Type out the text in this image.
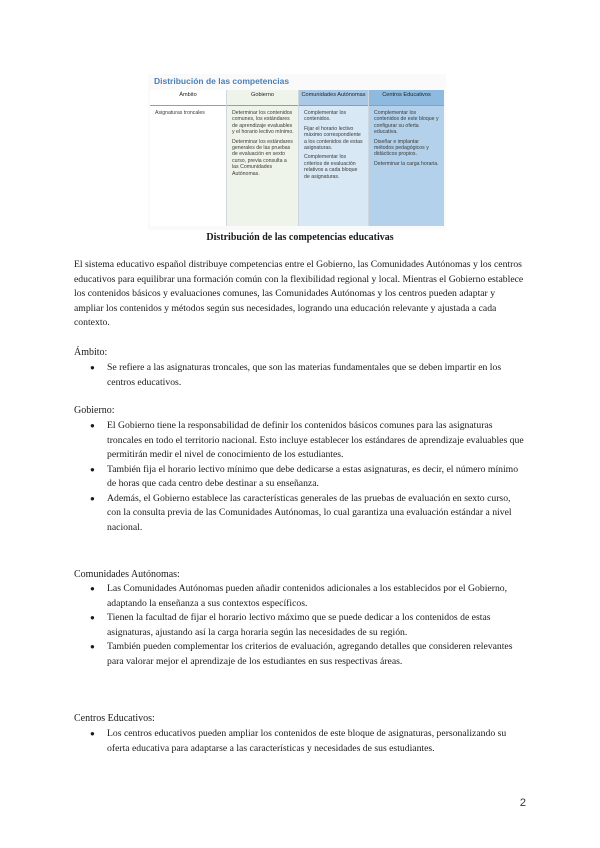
Distribución de las competencias
Ámbito

Asignaturas troncales

Gobierno

Determinar los contenidos comunes, los estándares de aprendizaje evaluables y el horario lectivo mínimo.

Determinar los estándares generales de las pruebas de evaluación en sexto curso, previa consulta a las Comunidades Autónomas.

Comunidades Autónomas

Complementar los contenidos.

Fijar el horario lectivo máximo correspondiente a los contenidos de estas asignaturas.

Complementar los criterios de evaluación relativos a cada bloque de asignaturas.

Centros Educativos

Complementar los contenidos de este bloque y configurar su oferta educativa.

Diseñar e implantar métodos pedagógicos y didácticos propios.

Determinar la carga horaria.

Distribución de las competencias educativas
El sistema educativo español distribuye competencias entre el Gobierno, las Comunidades Autónomas y los centros educativos para equilibrar una formación común con la flexibilidad regional y local. Mientras el Gobierno establece los contenidos básicos y evaluaciones comunes, las Comunidades Autónomas y los centros pueden adaptar y ampliar los contenidos y métodos según sus necesidades, logrando una educación relevante y ajustada a cada contexto.
Ámbito:
● Se refiere a las asignaturas troncales, que son las materias fundamentales que se deben impartir en los centros educativos.
Gobierno:
● El Gobierno tiene la responsabilidad de definir los contenidos básicos comunes para las asignaturas troncales en todo el territorio nacional. Esto incluye establecer los estándares de aprendizaje evaluables que permitirán medir el nivel de conocimiento de los estudiantes.
● También fija el horario lectivo mínimo que debe dedicarse a estas asignaturas, es decir, el número mínimo de horas que cada centro debe destinar a su enseñanza.
● Además, el Gobierno establece las características generales de las pruebas de evaluación en sexto curso, con la consulta previa de las Comunidades Autónomas, lo cual garantiza una evaluación estándar a nivel nacional.
Comunidades Autónomas:
● Las Comunidades Autónomas pueden añadir contenidos adicionales a los establecidos por el Gobierno, adaptando la enseñanza a sus contextos específicos.
● Tienen la facultad de fijar el horario lectivo máximo que se puede dedicar a los contenidos de estas asignaturas, ajustando así la carga horaria según las necesidades de su región.
● También pueden complementar los criterios de evaluación, agregando detalles que consideren relevantes para valorar mejor el aprendizaje de los estudiantes en sus respectivas áreas.
Centros Educativos:
● Los centros educativos pueden ampliar los contenidos de este bloque de asignaturas, personalizando su oferta educativa para adaptarse a las características y necesidades de sus estudiantes.
2
